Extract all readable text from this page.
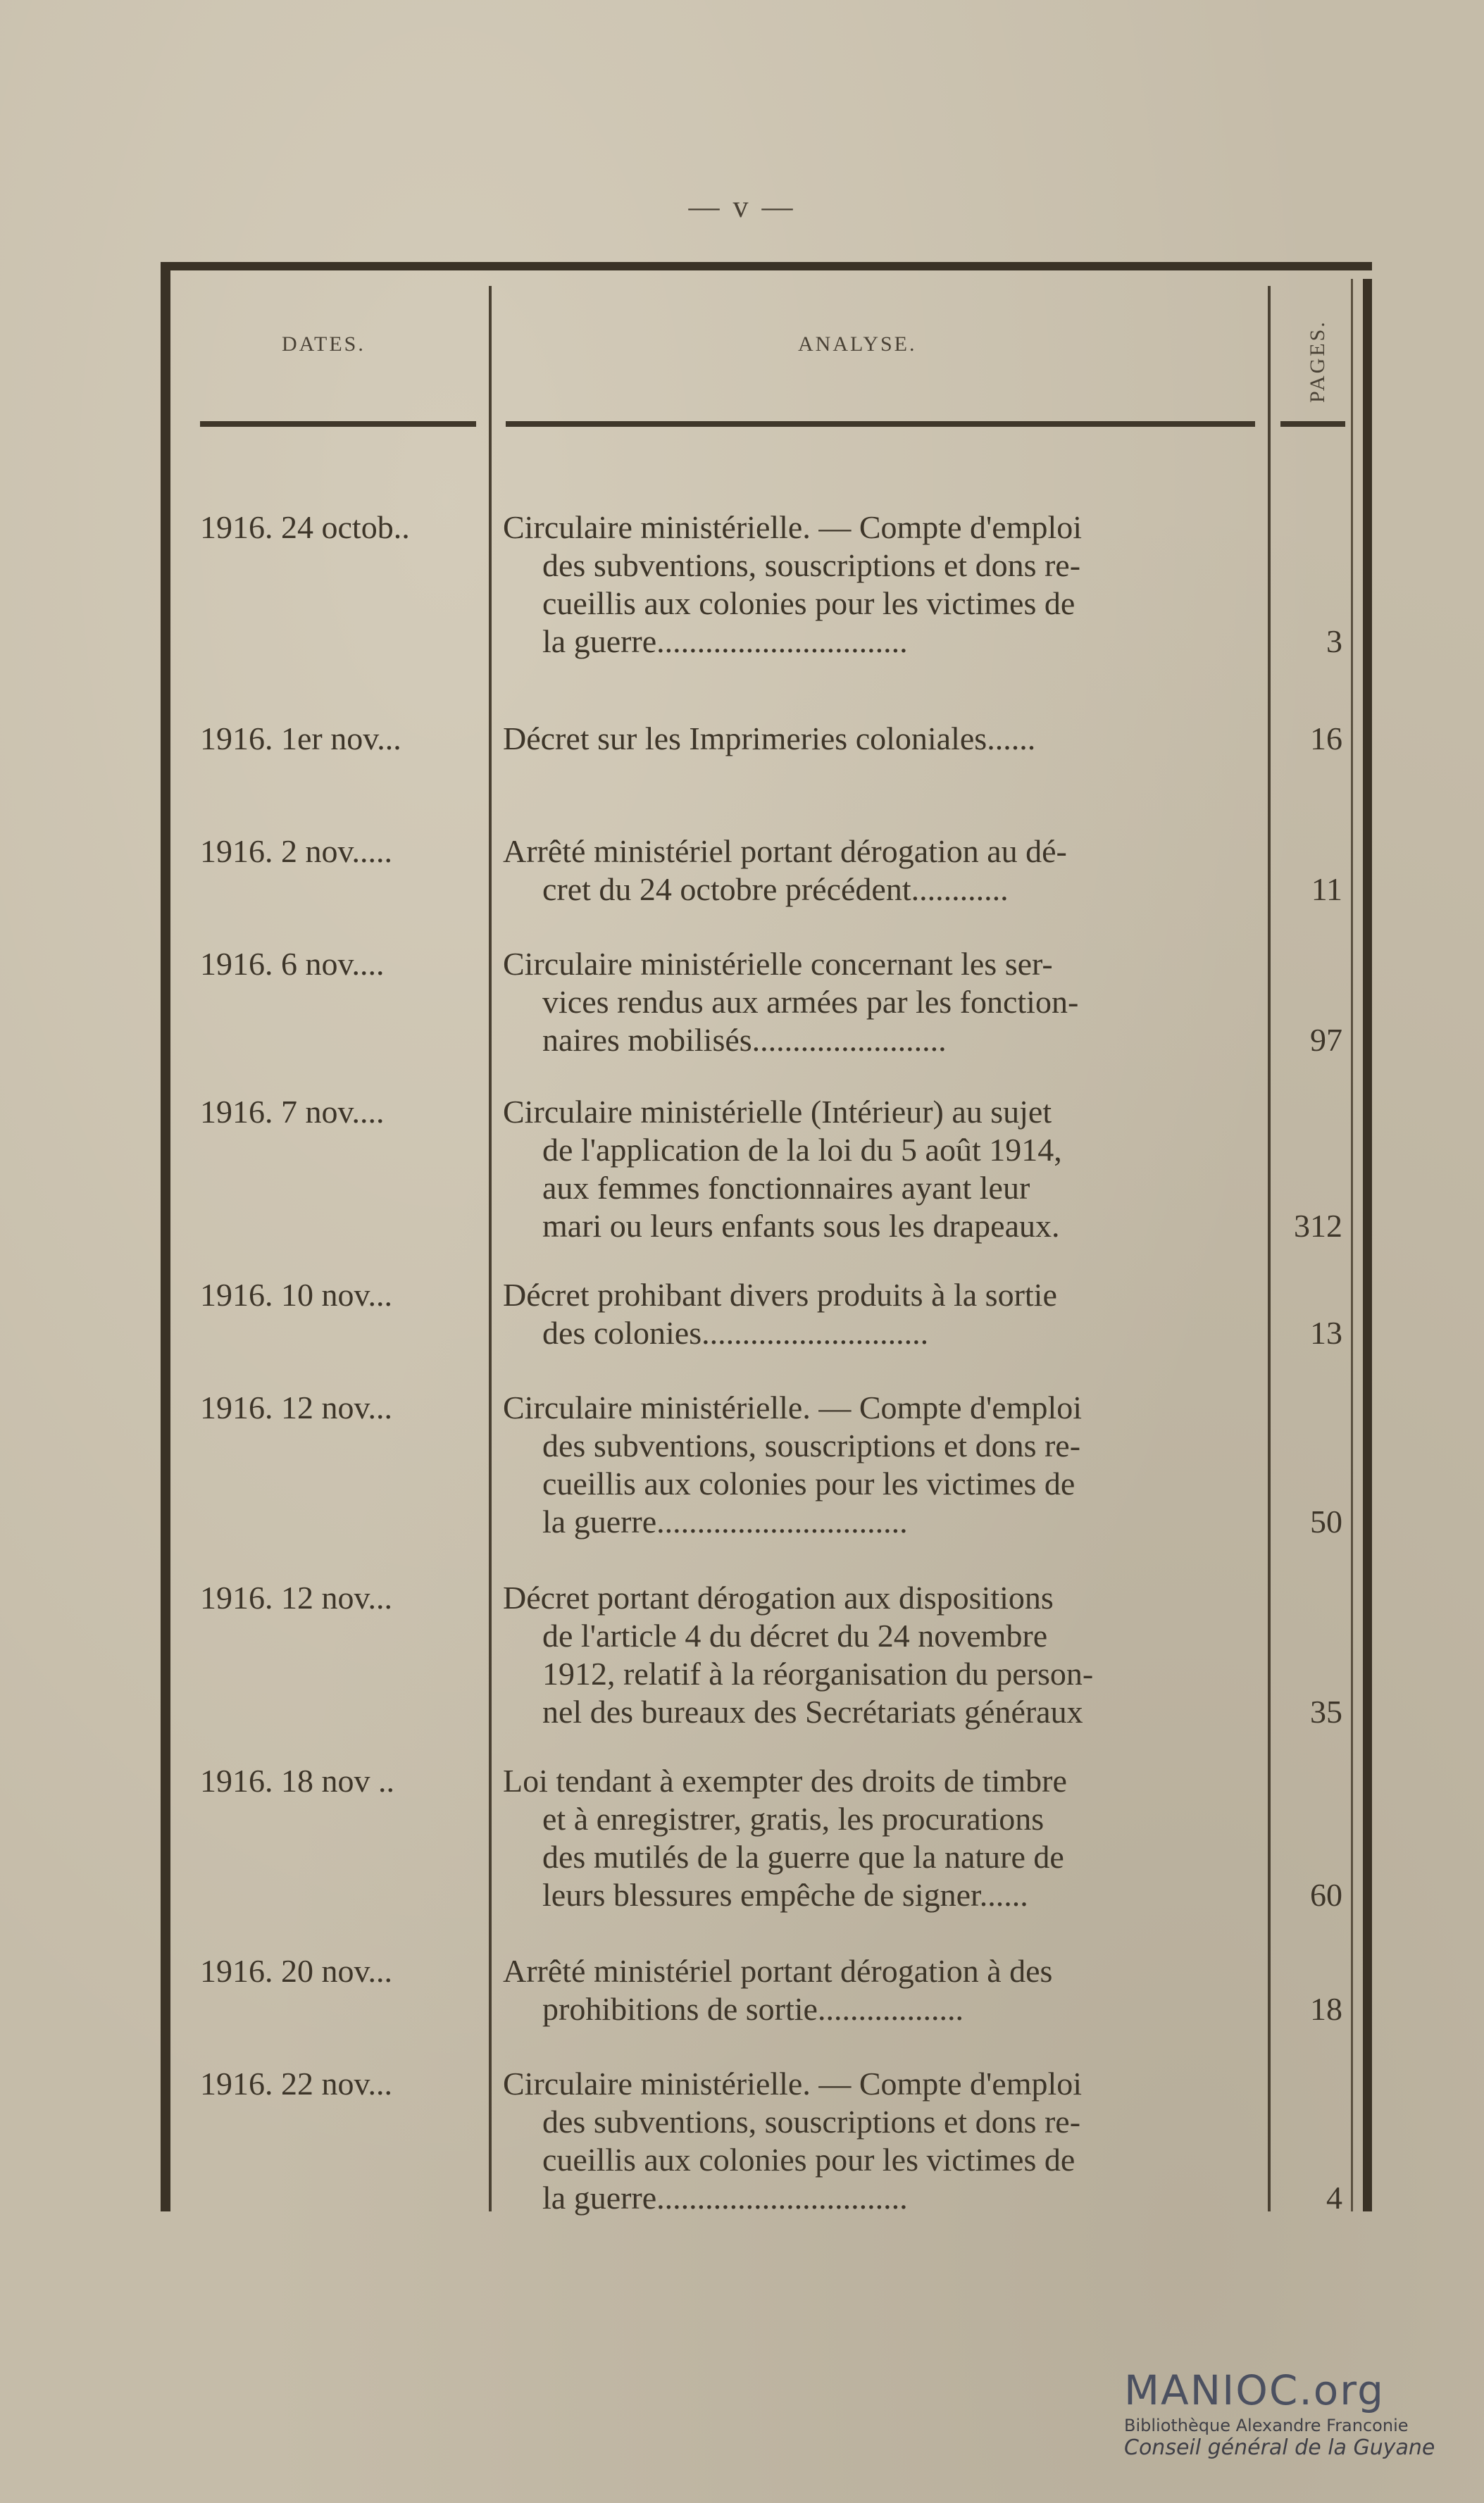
— v —
DATES.	ANALYSE.	PAGES.
1916. 24 octob..	Circulaire ministérielle. — Compte d'emploi
des subventions, souscriptions et dons re-
cueillis aux colonies pour les victimes de
la guerre...............................	3
1916. 1er nov...	Décret sur les Imprimeries coloniales......	16
1916. 2 nov.....	Arrêté ministériel portant dérogation au dé-
cret du 24 octobre précédent............	11
1916. 6 nov....	Circulaire ministérielle concernant les ser-
vices rendus aux armées par les fonction-
naires mobilisés........................	97
1916. 7 nov....	Circulaire ministérielle (Intérieur) au sujet
de l'application de la loi du 5 août 1914,
aux femmes fonctionnaires ayant leur
mari ou leurs enfants sous les drapeaux.	312
1916. 10 nov...	Décret prohibant divers produits à la sortie
des colonies............................	13
1916. 12 nov...	Circulaire ministérielle. — Compte d'emploi
des subventions, souscriptions et dons re-
cueillis aux colonies pour les victimes de
la guerre...............................	50
1916. 12 nov...	Décret portant dérogation aux dispositions
de l'article 4 du décret du 24 novembre
1912, relatif à la réorganisation du person-
nel des bureaux des Secrétariats généraux	35
1916. 18 nov ..	Loi tendant à exempter des droits de timbre
et à enregistrer, gratis, les procurations
des mutilés de la guerre que la nature de
leurs blessures empêche de signer......	60
1916. 20 nov...	Arrêté ministériel portant dérogation à des
prohibitions de sortie..................	18
1916. 22 nov...	Circulaire ministérielle. — Compte d'emploi
des subventions, souscriptions et dons re-
cueillis aux colonies pour les victimes de
la guerre...............................	4
MANIOC.org
Bibliothèque Alexandre Franconie
Conseil général de la Guyane
